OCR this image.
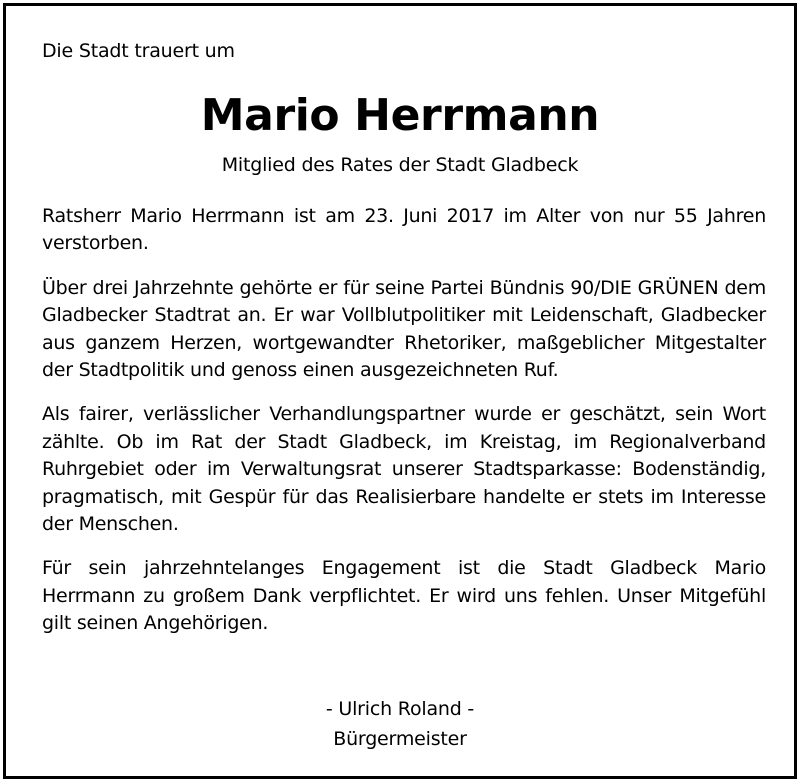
Die Stadt trauert um
Mario Herrmann
Mitglied des Rates der Stadt Gladbeck

Ratsherr Mario Herrmann ist am 23. Juni 2017 im Alter von nur 55 Jahren verstorben.

Über drei Jahrzehnte gehörte er für seine Partei Bündnis 90/DIE GRÜNEN dem Gladbecker Stadtrat an. Er war Vollblutpolitiker mit Leidenschaft, Gladbecker aus ganzem Herzen, wortgewandter Rhetoriker, maßgeblicher Mitgestalter der Stadtpolitik und genoss einen ausgezeichneten Ruf.

Als fairer, verlässlicher Verhandlungspartner wurde er geschätzt, sein Wort zählte. Ob im Rat der Stadt Gladbeck, im Kreistag, im Regionalverband Ruhrgebiet oder im Verwaltungsrat unserer Stadtsparkasse: Bodenständig, pragmatisch, mit Gespür für das Realisierbare handelte er stets im Interesse der Menschen.

Für sein jahrzehntelanges Engagement ist die Stadt Gladbeck Mario Herrmann zu großem Dank verpflichtet. Er wird uns fehlen. Unser Mitgefühl gilt seinen Angehörigen.

- Ulrich Roland -
Bürgermeister
